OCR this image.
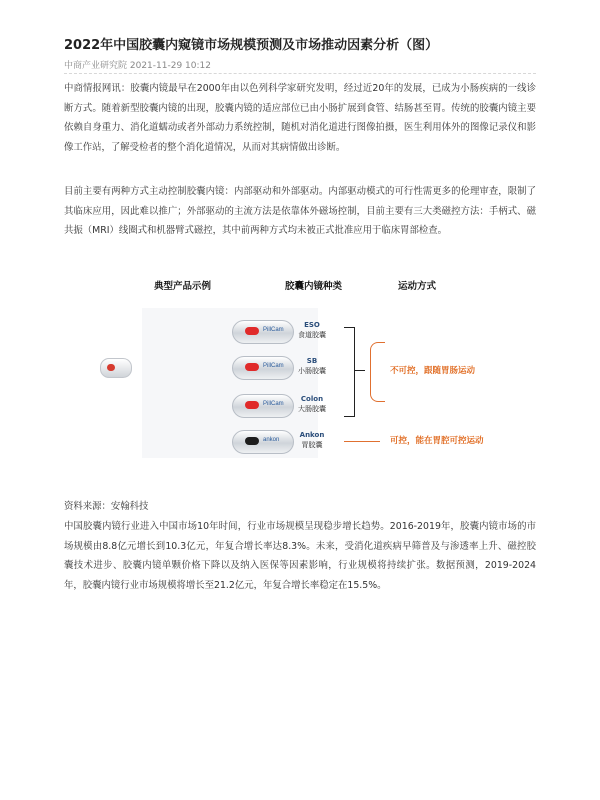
2022年中国胶囊内窥镜市场规模预测及市场推动因素分析（图）
中商产业研究院 2021-11-29 10:12

中商情报网讯：胶囊内镜最早在2000年由以色列科学家研究发明，经过近20年的发展，已成为小肠疾病的一线诊断方式。随着新型胶囊内镜的出现，胶囊内镜的适应部位已由小肠扩展到食管、结肠甚至胃。传统的胶囊内镜主要依赖自身重力、消化道蠕动或者外部动力系统控制，随机对消化道进行图像拍摄，医生利用体外的图像记录仪和影像工作站，了解受检者的整个消化道情况，从而对其病情做出诊断。

目前主要有两种方式主动控制胶囊内镜：内部驱动和外部驱动。内部驱动模式的可行性需更多的伦理审查，限制了其临床应用，因此难以推广；外部驱动的主流方法是依靠体外磁场控制，目前主要有三大类磁控方法：手柄式、磁共振（MRI）线圈式和机器臂式磁控，其中前两种方式均未被正式批准应用于临床胃部检查。

典型产品示例	胶囊内镜种类	运动方式
PillCam
ESO
食道胶囊
PillCam
SB
小肠胶囊
PillCam
Colon
大肠胶囊
ankon
Ankon
胃胶囊
不可控，跟随胃肠运动
可控，能在胃腔可控运动

资料来源：安翰科技

中国胶囊内镜行业进入中国市场10年时间，行业市场规模呈现稳步增长趋势。2016-2019年，胶囊内镜市场的市场规模由8.8亿元增长到10.3亿元，年复合增长率达8.3%。未来，受消化道疾病早筛普及与渗透率上升、磁控胶囊技术进步、胶囊内镜单颗价格下降以及纳入医保等因素影响，行业规模将持续扩张。数据预测，2019-2024年，胶囊内镜行业市场规模将增长至21.2亿元，年复合增长率稳定在15.5%。
